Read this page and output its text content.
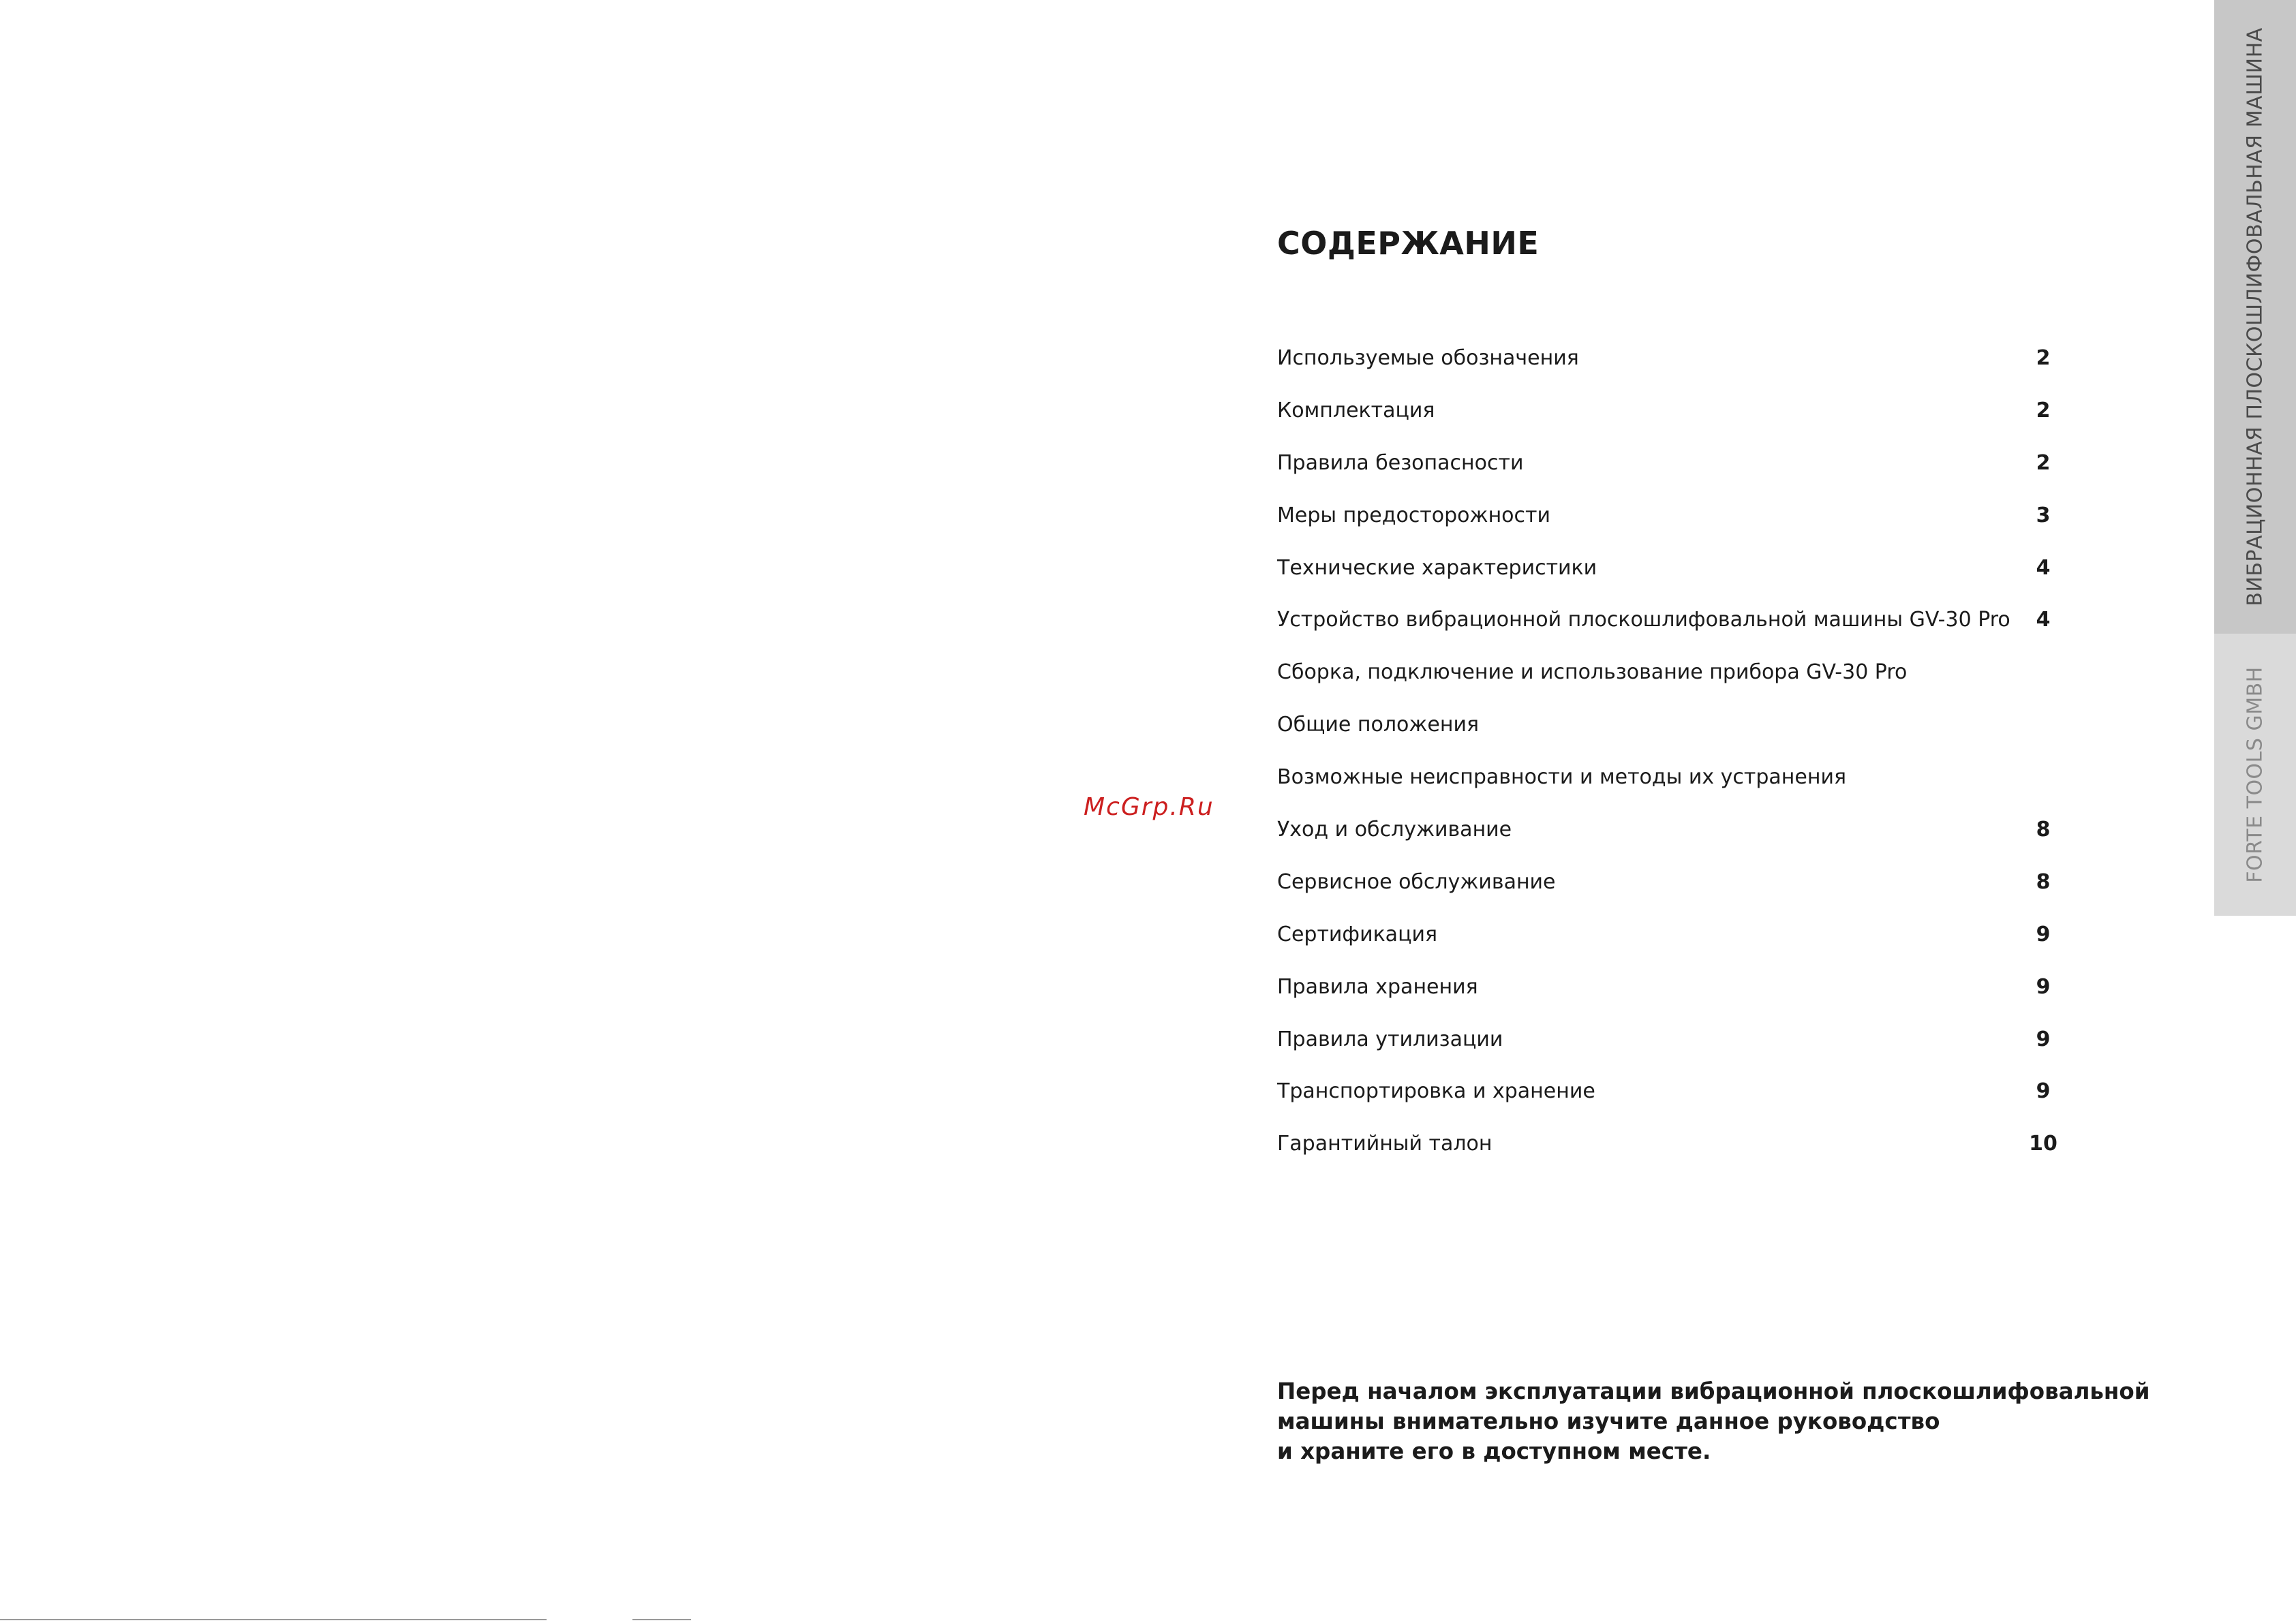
СОДЕРЖАНИЕ
Используемые обозначения	2
Комплектация	2
Правила безопасности	2
Меры предосторожности	3
Технические характеристики	4
Устройство вибрационной плоскошлифовальной машины GV-30 Pro	4
Сборка, подключение и использование прибора GV-30 Pro
Общие положения
Возможные неисправности и методы их устранения
Уход и обслуживание	8
Сервисное обслуживание	8
Сертификация	9
Правила хранения	9
Правила утилизации	9
Транспортировка и хранение	9
Гарантийный талон	10
McGrp.Ru

Перед началом эксплуатации вибрационной плоскошлифовальной
машины внимательно изучите данное руководство
и храните его в доступном месте.

ВИБРАЦИОННАЯ ПЛОСКОШЛИФОВАЛЬНАЯ МАШИНА
FORTE TOOLS GMBH
